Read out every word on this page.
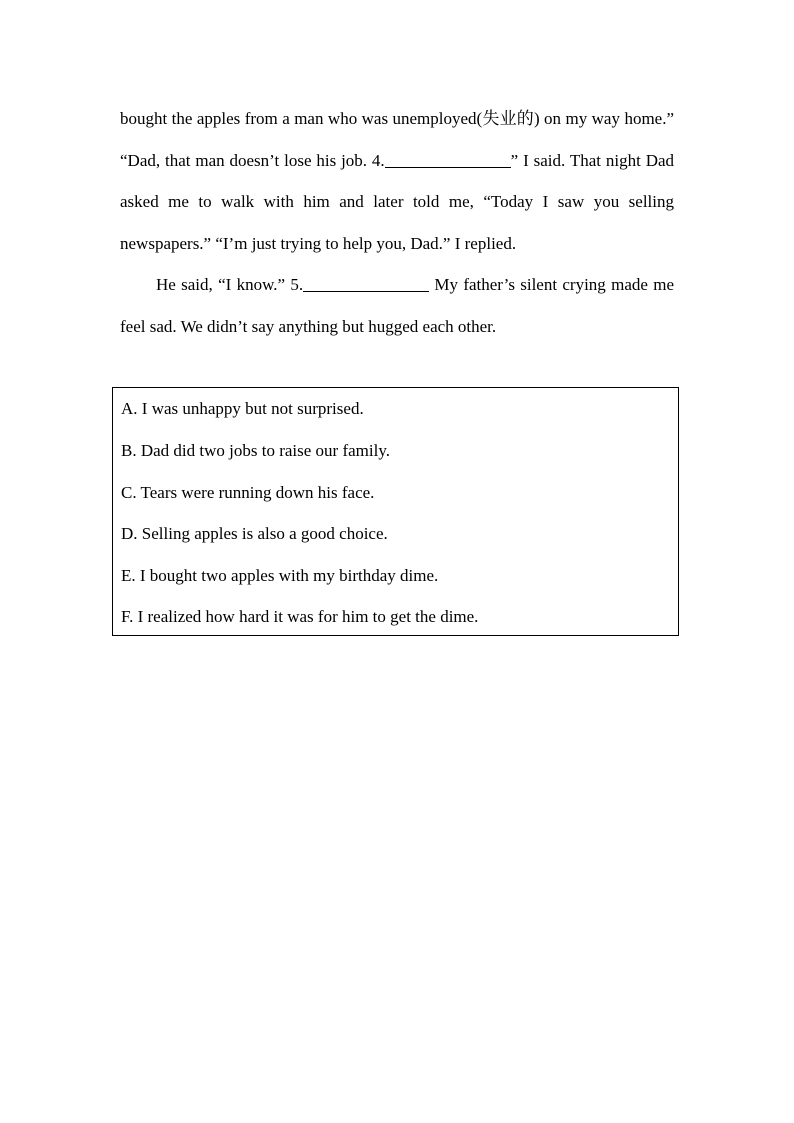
bought the apples from a man who was unemployed(失业的) on my way home.” “Dad, that man doesn’t lose his job. 4.	” I said. That night Dad asked me to walk with him and later told me, “Today I saw you selling newspapers.” “I’m just trying to help you, Dad.” I replied.

He said, “I know.” 5.	My father’s silent crying made me feel sad. We didn’t say anything but hugged each other.

A. I was unhappy but not surprised.
B. Dad did two jobs to raise our family.
C. Tears were running down his face.
D. Selling apples is also a good choice.
E. I bought two apples with my birthday dime.
F. I realized how hard it was for him to get the dime.
